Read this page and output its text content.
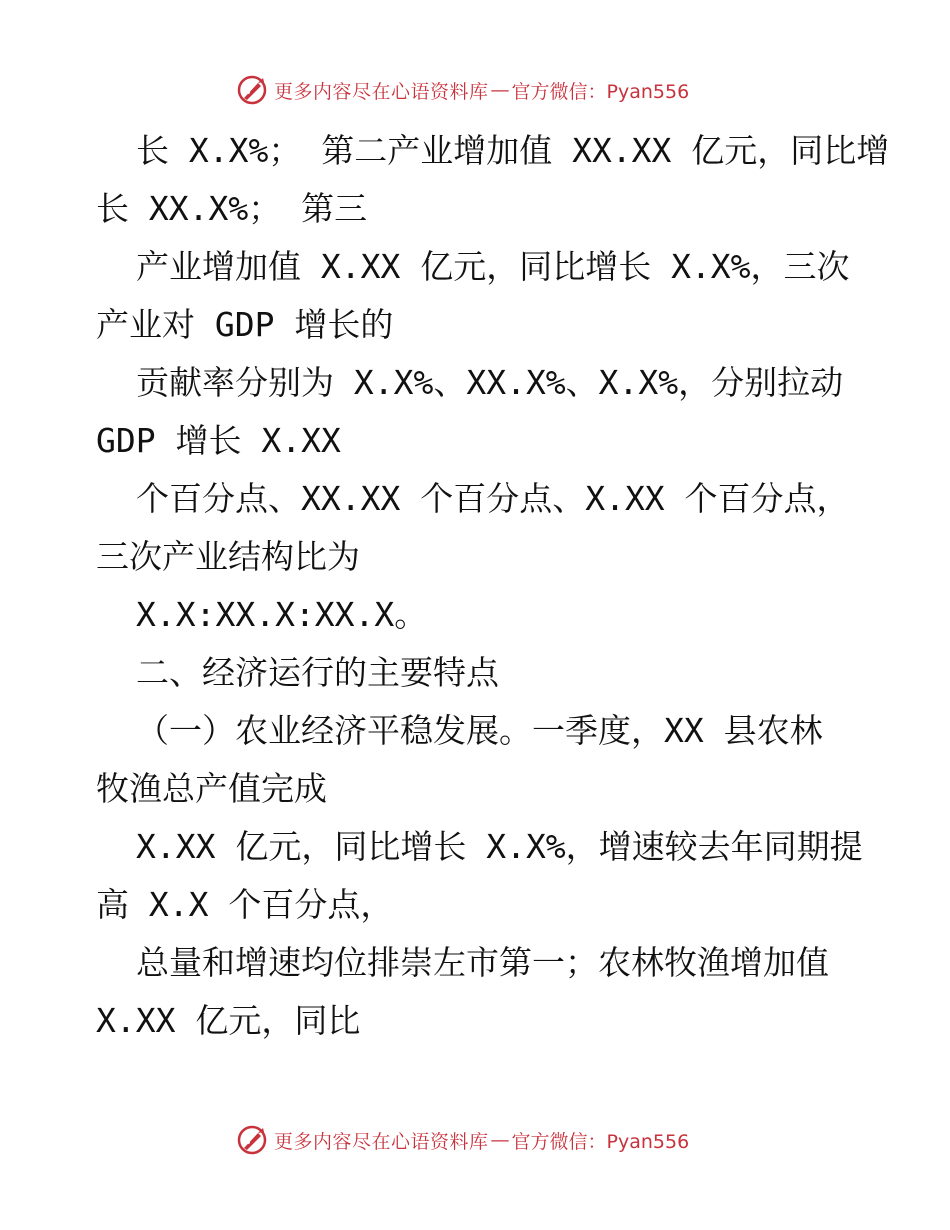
更多内容尽在心语资料库 — 官方微信：Pyan556
长 X.X%； 第二产业增加值 XX.XX 亿元，同比增
长 XX.X%； 第三
产业增加值 X.XX 亿元，同比增长 X.X%，三次
产业对 GDP 增长的
贡献率分别为 X.X%、XX.X%、X.X%，分别拉动
GDP 增长 X.XX
个百分点、XX.XX 个百分点、X.XX 个百分点，
三次产业结构比为
X.X:XX.X:XX.X。
二、经济运行的主要特点
（一）农业经济平稳发展。一季度，XX 县农林
牧渔总产值完成
X.XX 亿元，同比增长 X.X%，增速较去年同期提
高 X.X 个百分点，
总量和增速均位排崇左市第一；农林牧渔增加值
X.XX 亿元，同比
更多内容尽在心语资料库 — 官方微信：Pyan556
